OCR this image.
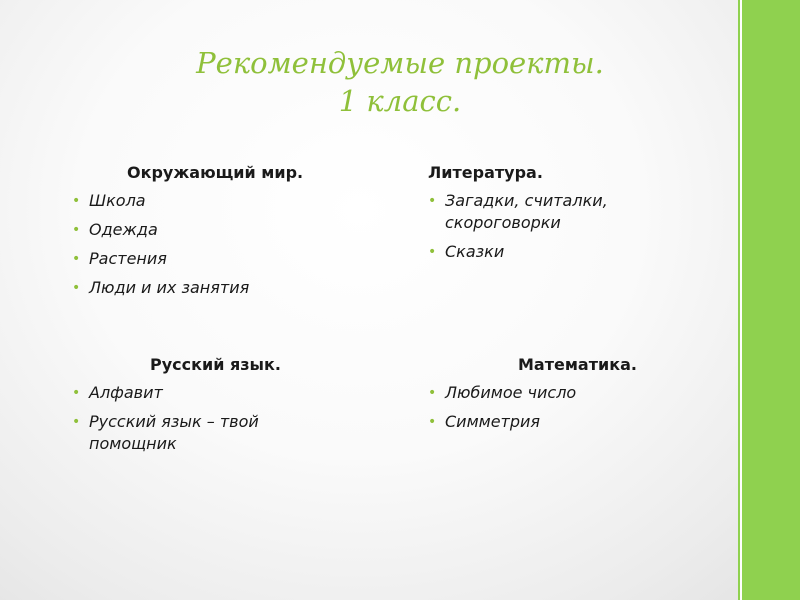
Рекомендуемые проекты.
1 класс.
Окружающий мир.
• Школа
• Одежда
• Растения
• Люди и их занятия
Литература.
• Загадки, считалки, скороговорки
• Сказки
Русский язык.
• Алфавит
• Русский язык – твой помощник
Математика.
• Любимое число
• Симметрия
